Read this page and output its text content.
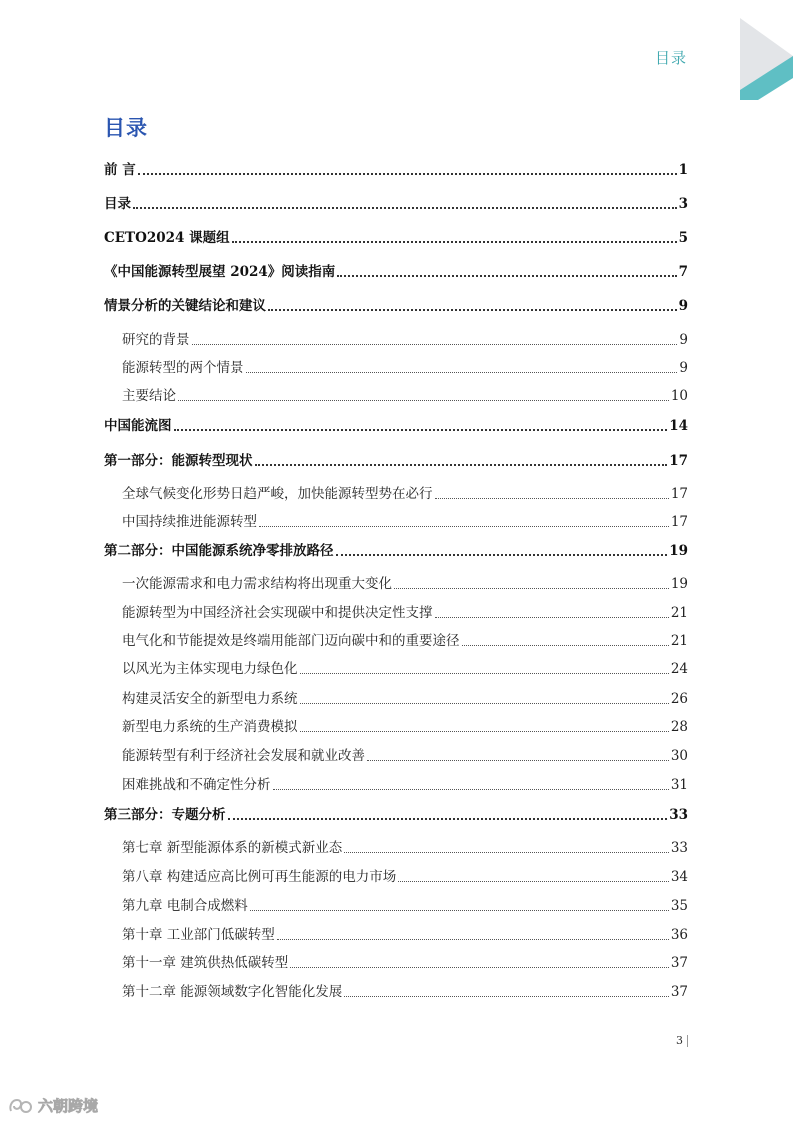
目录
目录
前 言	1
目录	3
CETO2024 课题组	5
《中国能源转型展望 2024》阅读指南	7
情景分析的关键结论和建议	9
研究的背景	9
能源转型的两个情景	9
主要结论	10
中国能流图	14
第一部分：能源转型现状	17
全球气候变化形势日趋严峻，加快能源转型势在必行	17
中国持续推进能源转型	17
第二部分：中国能源系统净零排放路径	19
一次能源需求和电力需求结构将出现重大变化	19
能源转型为中国经济社会实现碳中和提供决定性支撑	21
电气化和节能提效是终端用能部门迈向碳中和的重要途径	21
以风光为主体实现电力绿色化	24
构建灵活安全的新型电力系统	26
新型电力系统的生产消费模拟	28
能源转型有利于经济社会发展和就业改善	30
困难挑战和不确定性分析	31
第三部分：专题分析	33
第七章 新型能源体系的新模式新业态	33
第八章 构建适应高比例可再生能源的电力市场	34
第九章 电制合成燃料	35
第十章 工业部门低碳转型	36
第十一章 建筑供热低碳转型	37
第十二章 能源领域数字化智能化发展	37
3
六朝跨境
